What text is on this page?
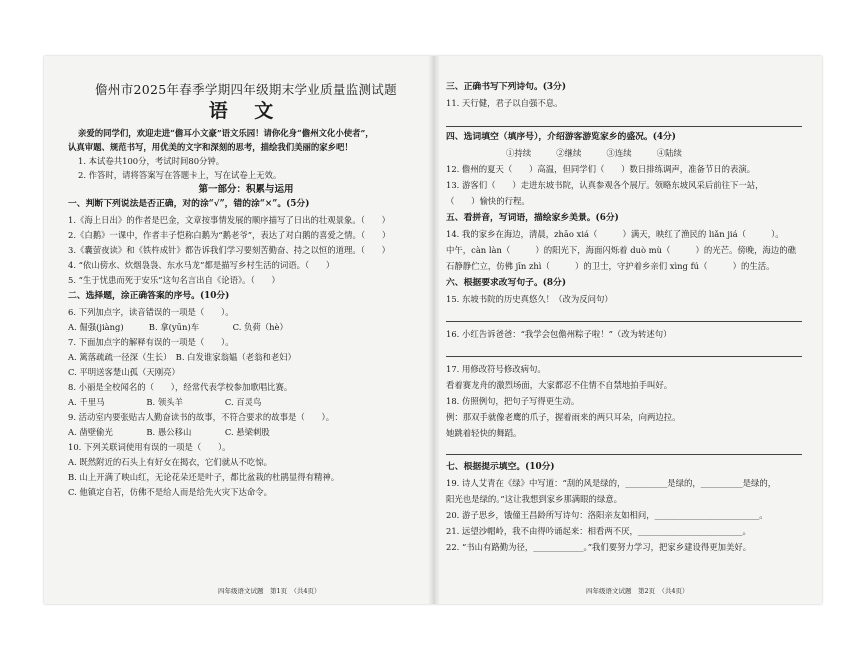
儋州市2025年春季学期四年级期末学业质量监测试题
语 文
亲爱的同学们，欢迎走进“儋耳小文豪”语文乐园！请你化身“儋州文化小使者”，
认真审题、规范书写，用优美的文字和深刻的思考，描绘我们美丽的家乡吧！
1. 本试卷共100分，考试时间80分钟。
2. 作答时，请将答案写在答题卡上，写在试卷上无效。
第一部分：积累与运用
一、判断下列说法是否正确，对的涂“√”，错的涂“×”。(5分)
1.《海上日出》的作者是巴金，文章按事情发展的顺序描写了日出的壮观景象。（　　）
2.《白鹅》一课中，作者丰子恺称白鹅为“鹅老爷”，表达了对白鹅的喜爱之情。（　　）
3.《囊萤夜读》和《铁杵成针》都告诉我们学习要刻苦勤奋、持之以恒的道理。（　　）
4. “依山傍水、炊烟袅袅、东水马龙”都是描写乡村生活的词语。（　　）
5. “生于忧患而死于安乐”这句名言出自《论语》。（　　）
二、选择题，涂正确答案的序号。(10分)
6. 下列加点字，读音错误的一项是（　　）。
A. 倔强(jiàng)　　　B. 拿(yūn)车　　　　C. 负荷（hè）
7. 下面加点字的解释有误的一项是（　　）。
A. 篱落疏疏一径深（生长）　B. 白发谁家翁媪（老翁和老妇）
C. 平明送客楚山孤（天刚亮）
8. 小丽是全校闻名的（　　），经常代表学校参加歌唱比赛。
A. 千里马　　　　　B. 领头羊　　　　　C. 百灵鸟
9. 活动室内要张贴古人勤奋读书的故事，不符合要求的故事是（　　）。
A. 凿壁偷光　　　　B. 愚公移山　　　　C. 悬梁刺股
10. 下列关联词使用有误的一项是（　　）。
A. 既然附近的石头上有好女在揭衣，它们就从不吃惊。
B. 山上开满了映山红，无论花朵还是叶子，都比盆栽的杜鹃显得有精神。
C. 他镇定自若，仿佛不是给人而是给先火灾下达命令。
四年级语文试题　第1页　（共4页）
三、正确书写下列诗句。(3分)
11. 天行健，君子以自强不息。
四、选词填空（填序号），介绍游客游览家乡的盛况。(4分)
①持续　　　②继续　　　③连续　　　④陆续
12. 儋州的夏天（　　）高温，但同学们（　　）数日排练调声，准备节日的表演。
13. 游客们（　　）走进东坡书院，认真参观各个展厅。领略东坡风采后前往下一站，
（　　）愉快的行程。
五、看拼音，写词语，描绘家乡美景。(6分)
14. 我的家乡在海边，清晨，zhāo xiá（　　　）满天，映红了渔民的 liǎn jiá（　　　）。
中午，càn làn（　　　）的阳光下，海面闪烁着 duò mù（　　　）的光芒。傍晚，海边的礁
石静静伫立，仿佛 jīn zhì（　　　）的卫士，守护着乡亲们 xìng fú（　　　）的生活。
六、根据要求改写句子。(8分)
15. 东坡书院的历史真悠久！（改为反问句）
16. 小红告诉爸爸：“我学会包儋州粽子啦！”（改为转述句）
17. 用修改符号修改病句。
看着赛龙舟的激烈场面，大家都忍不住情不自禁地拍手叫好。
18. 仿照例句，把句子写得更生动。
例：那双手就像老鹰的爪子，握着雨来的两只耳朵，向两边拉。
她跳着轻快的舞蹈。
七、根据提示填空。(10分)
19. 诗人艾青在《绿》中写道：“刮的风是绿的，__________是绿的，__________是绿的，
阳光也是绿的。”这让我想到家乡那满眼的绿意。
20. 游子思乡，饿僮王昌龄所写诗句：洛阳亲友如相问，_________________________。
21. 远望沙帽岭，我不由得吟诵起来：相看两不厌，_________________________。
22. “书山有路勤为径，____________。”我们要努力学习，把家乡建设得更加美好。
四年级语文试题　第2页　（共4页）
